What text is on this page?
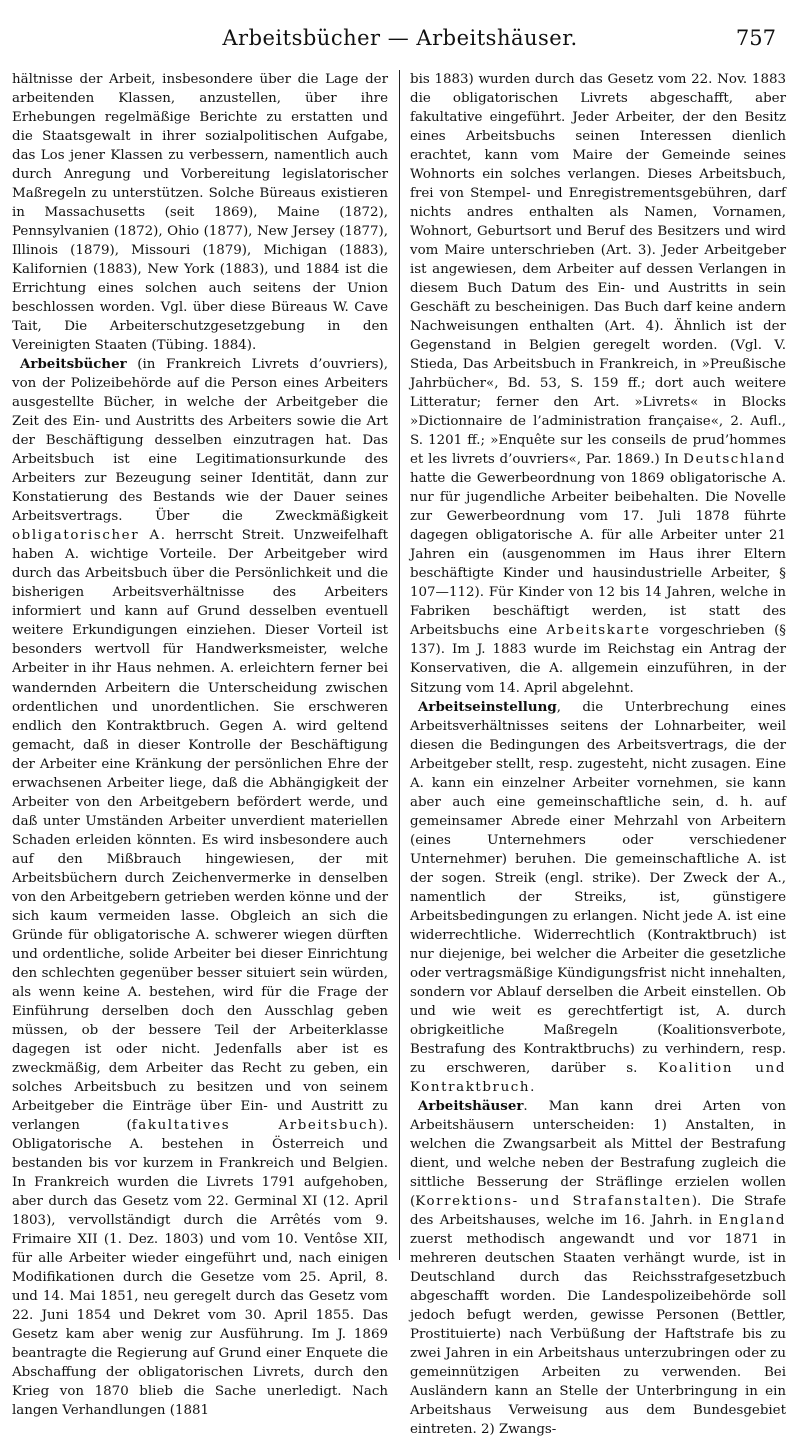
Arbeitsbücher — Arbeitshäuser.	757

hältnisse der Arbeit, insbesondere über die Lage der arbeitenden Klassen, anzustellen, über ihre Erhebungen regelmäßige Berichte zu erstatten und die Staatsgewalt in ihrer sozialpolitischen Aufgabe, das Los jener Klassen zu verbessern, namentlich auch durch Anregung und Vorbereitung legislatorischer Maßregeln zu unterstützen. Solche Büreaus existieren in Massachusetts (seit 1869), Maine (1872), Pennsylvanien (1872), Ohio (1877), New Jersey (1877), Illinois (1879), Missouri (1879), Michigan (1883), Kalifornien (1883), New York (1883), und 1884 ist die Errichtung eines solchen auch seitens der Union beschlossen worden. Vgl. über diese Büreaus W. Cave Tait, Die Arbeiterschutzgesetzgebung in den Vereinigten Staaten (Tübing. 1884).

Arbeitsbücher (in Frankreich Livrets d’ouvriers), von der Polizeibehörde auf die Person eines Arbeiters ausgestellte Bücher, in welche der Arbeitgeber die Zeit des Ein- und Austritts des Arbeiters sowie die Art der Beschäftigung desselben einzutragen hat. Das Arbeitsbuch ist eine Legitimationsurkunde des Arbeiters zur Bezeugung seiner Identität, dann zur Konstatierung des Bestands wie der Dauer seines Arbeitsvertrags. Über die Zweckmäßigkeit obligatorischer A. herrscht Streit. Unzweifelhaft haben A. wichtige Vorteile. Der Arbeitgeber wird durch das Arbeitsbuch über die Persönlichkeit und die bisherigen Arbeitsverhältnisse des Arbeiters informiert und kann auf Grund desselben eventuell weitere Erkundigungen einziehen. Dieser Vorteil ist besonders wertvoll für Handwerksmeister, welche Arbeiter in ihr Haus nehmen. A. erleichtern ferner bei wandernden Arbeitern die Unterscheidung zwischen ordentlichen und unordentlichen. Sie erschweren endlich den Kontraktbruch. Gegen A. wird geltend gemacht, daß in dieser Kontrolle der Beschäftigung der Arbeiter eine Kränkung der persönlichen Ehre der erwachsenen Arbeiter liege, daß die Abhängigkeit der Arbeiter von den Arbeitgebern befördert werde, und daß unter Umständen Arbeiter unverdient materiellen Schaden erleiden könnten. Es wird insbesondere auch auf den Mißbrauch hingewiesen, der mit Arbeitsbüchern durch Zeichenvermerke in denselben von den Arbeitgebern getrieben werden könne und der sich kaum vermeiden lasse. Obgleich an sich die Gründe für obligatorische A. schwerer wiegen dürften und ordentliche, solide Arbeiter bei dieser Einrichtung den schlechten gegenüber besser situiert sein würden, als wenn keine A. bestehen, wird für die Frage der Einführung derselben doch den Ausschlag geben müssen, ob der bessere Teil der Arbeiterklasse dagegen ist oder nicht. Jedenfalls aber ist es zweckmäßig, dem Arbeiter das Recht zu geben, ein solches Arbeitsbuch zu besitzen und von seinem Arbeitgeber die Einträge über Ein- und Austritt zu verlangen (fakultatives Arbeitsbuch). Obligatorische A. bestehen in Österreich und bestanden bis vor kurzem in Frankreich und Belgien. In Frankreich wurden die Livrets 1791 aufgehoben, aber durch das Gesetz vom 22. Germinal XI (12. April 1803), vervollständigt durch die Arrêtés vom 9. Frimaire XII (1. Dez. 1803) und vom 10. Ventôse XII, für alle Arbeiter wieder eingeführt und, nach einigen Modifikationen durch die Gesetze vom 25. April, 8. und 14. Mai 1851, neu geregelt durch das Gesetz vom 22. Juni 1854 und Dekret vom 30. April 1855. Das Gesetz kam aber wenig zur Ausführung. Im J. 1869 beantragte die Regierung auf Grund einer Enquete die Abschaffung der obligatorischen Livrets, durch den Krieg von 1870 blieb die Sache unerledigt. Nach langen Verhandlungen (1881

bis 1883) wurden durch das Gesetz vom 22. Nov. 1883 die obligatorischen Livrets abgeschafft, aber fakultative eingeführt. Jeder Arbeiter, der den Besitz eines Arbeitsbuchs seinen Interessen dienlich erachtet, kann vom Maire der Gemeinde seines Wohnorts ein solches verlangen. Dieses Arbeitsbuch, frei von Stempel- und Enregistrementsgebühren, darf nichts andres enthalten als Namen, Vornamen, Wohnort, Geburtsort und Beruf des Besitzers und wird vom Maire unterschrieben (Art. 3). Jeder Arbeitgeber ist angewiesen, dem Arbeiter auf dessen Verlangen in diesem Buch Datum des Ein- und Austritts in sein Geschäft zu bescheinigen. Das Buch darf keine andern Nachweisungen enthalten (Art. 4). Ähnlich ist der Gegenstand in Belgien geregelt worden. (Vgl. V. Stieda, Das Arbeitsbuch in Frankreich, in »Preußische Jahrbücher«, Bd. 53, S. 159 ff.; dort auch weitere Litteratur; ferner den Art. »Livrets« in Blocks »Dictionnaire de l’administration française«, 2. Aufl., S. 1201 ff.; »Enquête sur les conseils de prud’hommes et les livrets d’ouvriers«, Par. 1869.) In Deutschland hatte die Gewerbeordnung von 1869 obligatorische A. nur für jugendliche Arbeiter beibehalten. Die Novelle zur Gewerbeordnung vom 17. Juli 1878 führte dagegen obligatorische A. für alle Arbeiter unter 21 Jahren ein (ausgenommen im Haus ihrer Eltern beschäftigte Kinder und hausindustrielle Arbeiter, § 107—112). Für Kinder von 12 bis 14 Jahren, welche in Fabriken beschäftigt werden, ist statt des Arbeitsbuchs eine Arbeitskarte vorgeschrieben (§ 137). Im J. 1883 wurde im Reichstag ein Antrag der Konservativen, die A. allgemein einzuführen, in der Sitzung vom 14. April abgelehnt.

Arbeitseinstellung, die Unterbrechung eines Arbeitsverhältnisses seitens der Lohnarbeiter, weil diesen die Bedingungen des Arbeitsvertrags, die der Arbeitgeber stellt, resp. zugesteht, nicht zusagen. Eine A. kann ein einzelner Arbeiter vornehmen, sie kann aber auch eine gemeinschaftliche sein, d. h. auf gemeinsamer Abrede einer Mehrzahl von Arbeitern (eines Unternehmers oder verschiedener Unternehmer) beruhen. Die gemeinschaftliche A. ist der sogen. Streik (engl. strike). Der Zweck der A., namentlich der Streiks, ist, günstigere Arbeitsbedingungen zu erlangen. Nicht jede A. ist eine widerrechtliche. Widerrechtlich (Kontraktbruch) ist nur diejenige, bei welcher die Arbeiter die gesetzliche oder vertragsmäßige Kündigungsfrist nicht innehalten, sondern vor Ablauf derselben die Arbeit einstellen. Ob und wie weit es gerechtfertigt ist, A. durch obrigkeitliche Maßregeln (Koalitionsverbote, Bestrafung des Kontraktbruchs) zu verhindern, resp. zu erschweren, darüber s. Koalition und Kontraktbruch.

Arbeitshäuser. Man kann drei Arten von Arbeitshäusern unterscheiden: 1) Anstalten, in welchen die Zwangsarbeit als Mittel der Bestrafung dient, und welche neben der Bestrafung zugleich die sittliche Besserung der Sträflinge erzielen wollen (Korrektions- und Strafanstalten). Die Strafe des Arbeitshauses, welche im 16. Jahrh. in England zuerst methodisch angewandt und vor 1871 in mehreren deutschen Staaten verhängt wurde, ist in Deutschland durch das Reichsstrafgesetzbuch abgeschafft worden. Die Landespolizeibehörde soll jedoch befugt werden, gewisse Personen (Bettler, Prostituierte) nach Verbüßung der Haftstrafe bis zu zwei Jahren in ein Arbeitshaus unterzubringen oder zu gemeinnützigen Arbeiten zu verwenden. Bei Ausländern kann an Stelle der Unterbringung in ein Arbeitshaus Verweisung aus dem Bundesgebiet eintreten. 2) Zwangs-
